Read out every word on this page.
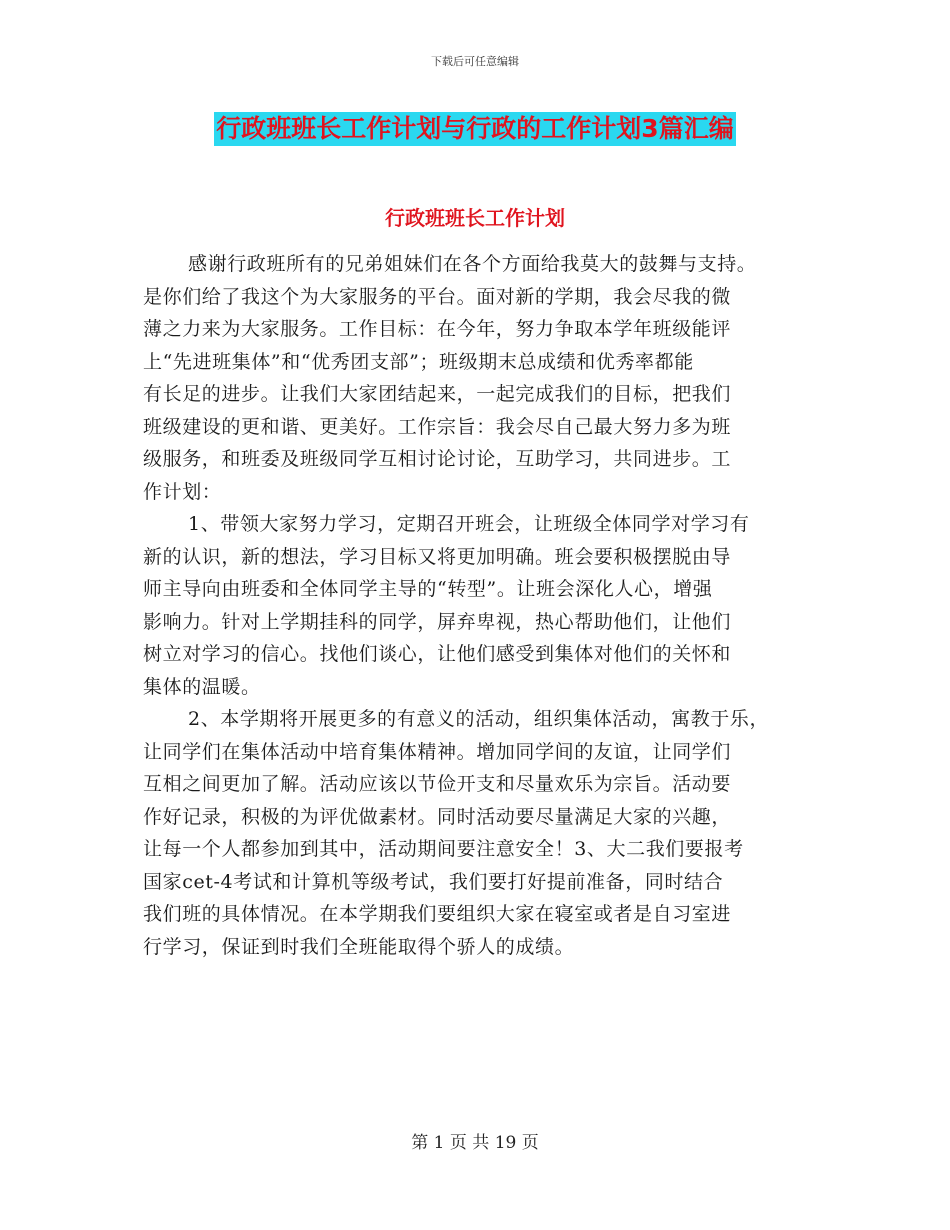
下载后可任意编辑
行政班班长工作计划与行政的工作计划3篇汇编
行政班班长工作计划
感谢行政班所有的兄弟姐妹们在各个方面给我莫大的鼓舞与支持。
是你们给了我这个为大家服务的平台。面对新的学期，我会尽我的微
薄之力来为大家服务。工作目标：在今年，努力争取本学年班级能评
上“先进班集体”和“优秀团支部”；班级期末总成绩和优秀率都能
有长足的进步。让我们大家团结起来，一起完成我们的目标，把我们
班级建设的更和谐、更美好。工作宗旨：我会尽自己最大努力多为班
级服务，和班委及班级同学互相讨论讨论，互助学习，共同进步。工
作计划：
1、带领大家努力学习，定期召开班会，让班级全体同学对学习有
新的认识，新的想法，学习目标又将更加明确。班会要积极摆脱由导
师主导向由班委和全体同学主导的“转型”。让班会深化人心，增强
影响力。针对上学期挂科的同学，屏弃卑视，热心帮助他们，让他们
树立对学习的信心。找他们谈心，让他们感受到集体对他们的关怀和
集体的温暖。
2、本学期将开展更多的有意义的活动，组织集体活动，寓教于乐，
让同学们在集体活动中培育集体精神。增加同学间的友谊，让同学们
互相之间更加了解。活动应该以节俭开支和尽量欢乐为宗旨。活动要
作好记录，积极的为评优做素材。同时活动要尽量满足大家的兴趣，
让每一个人都参加到其中，活动期间要注意安全！3、大二我们要报考
国家cet-4考试和计算机等级考试，我们要打好提前准备，同时结合
我们班的具体情况。在本学期我们要组织大家在寝室或者是自习室进
行学习，保证到时我们全班能取得个骄人的成绩。
第 1 页 共 19 页
